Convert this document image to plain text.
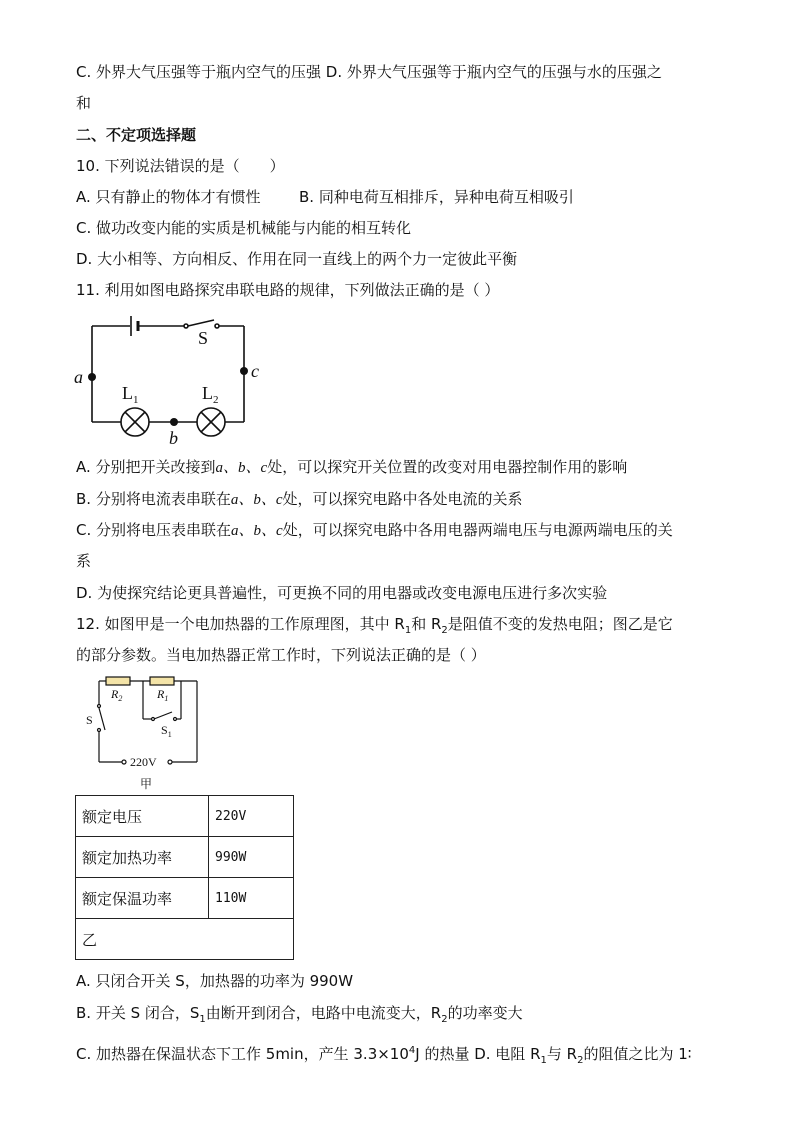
C. 外界大气压强等于瓶内空气的压强 D. 外界大气压强等于瓶内空气的压强与水的压强之
和
二、不定项选择题
10. 下列说法错误的是（　　）
A. 只有静止的物体才有惯性	B. 同种电荷互相排斥，异种电荷互相吸引
C. 做功改变内能的实质是机械能与内能的相互转化
D. 大小相等、方向相反、作用在同一直线上的两个力一定彼此平衡
11. 利用如图电路探究串联电路的规律，下列做法正确的是（ ）
S
a	c
b
$L_1$	$L_2$
A. 分别把开关改接到a、b、c处，可以探究开关位置的改变对用电器控制作用的影响
B. 分别将电流表串联在a、b、c处，可以探究电路中各处电流的关系
C. 分别将电压表串联在a、b、c处，可以探究电路中各用电器两端电压与电源两端电压的关
系
D. 为使探究结论更具普遍性，可更换不同的用电器或改变电源电压进行多次实验
12. 如图甲是一个电加热器的工作原理图，其中 $R_1$和 $R_2$是阻值不变的发热电阻；图乙是它
的部分参数。当电加热器正常工作时，下列说法正确的是（ ）
$R_2$	$R_1$
S
$S_1$
220V
甲
额定电压	220V
额定加热功率	990W
额定保温功率	110W
乙	
A. 只闭合开关 S，加热器的功率为 990W
B. 开关 S 闭合，$S_1$由断开到闭合，电路中电流变大，$R_2$的功率变大
C. 加热器在保温状态下工作 5min，产生 $3.3\times 10^4J$ 的热量 D. 电阻 $R_1$与 $R_2$的阻值之比为 1∶
